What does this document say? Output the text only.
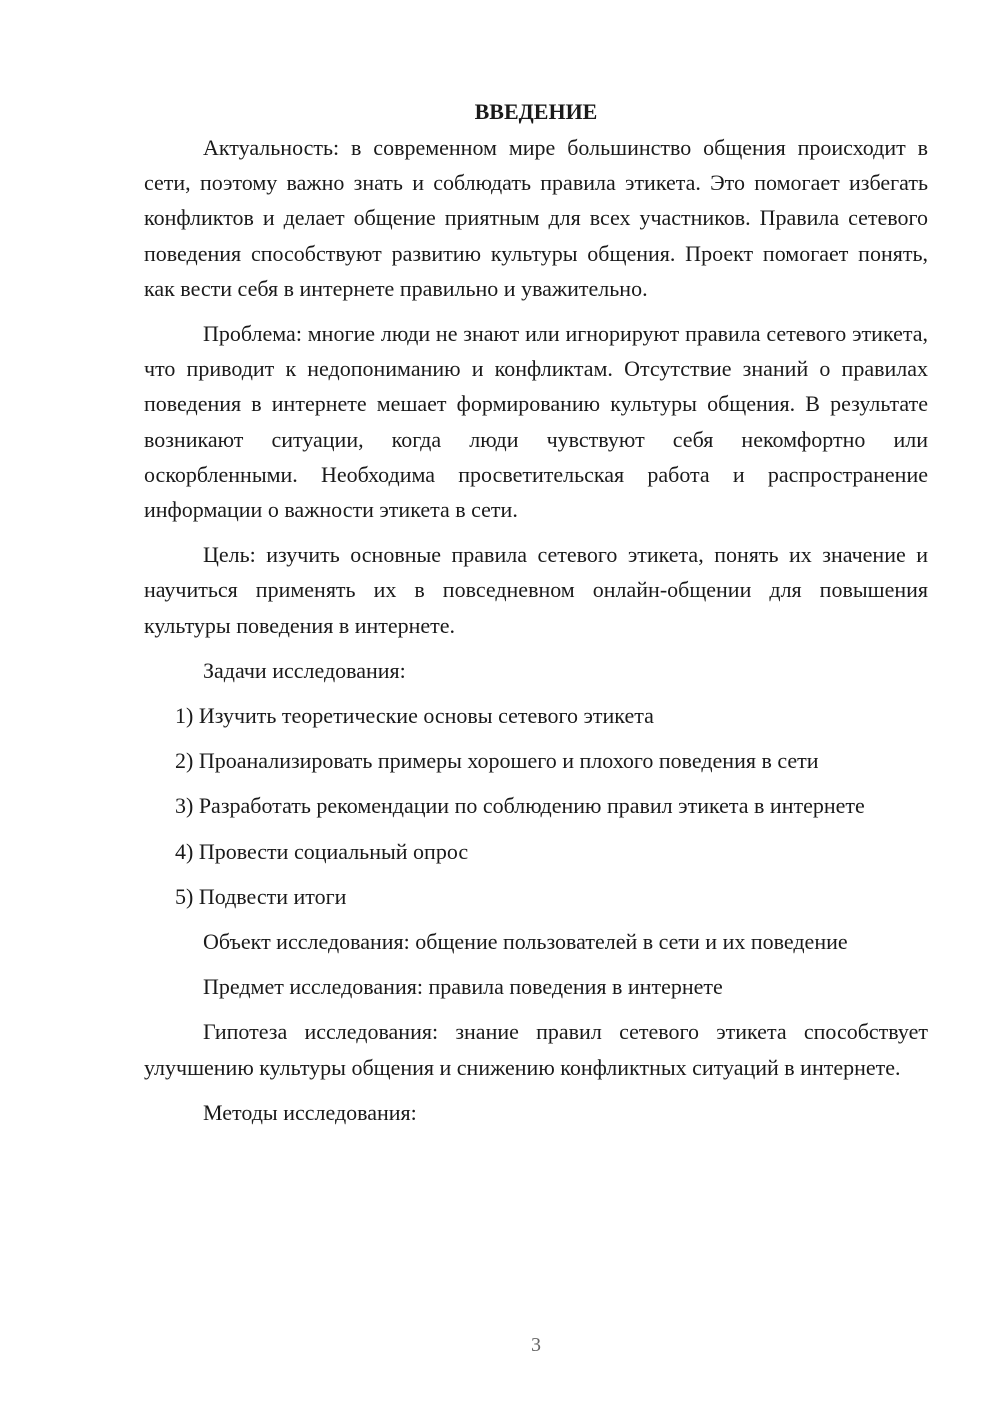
ВВЕДЕНИЕ

Актуальность: в современном мире большинство общения происходит в сети, поэтому важно знать и соблюдать правила этикета. Это помогает избегать конфликтов и делает общение приятным для всех участников. Правила сетевого поведения способствуют развитию культуры общения. Проект помогает понять, как вести себя в интернете правильно и уважительно.

Проблема: многие люди не знают или игнорируют правила сетевого этикета, что приводит к недопониманию и конфликтам. Отсутствие знаний о правилах поведения в интернете мешает формированию культуры общения. В результате возникают ситуации, когда люди чувствуют себя некомфортно или оскорбленными. Необходима просветительская работа и распространение информации о важности этикета в сети.

Цель: изучить основные правила сетевого этикета, понять их значение и научиться применять их в повседневном онлайн-общении для повышения культуры поведения в интернете.

Задачи исследования:

1) Изучить теоретические основы сетевого этикета

2) Проанализировать примеры хорошего и плохого поведения в сети

3) Разработать рекомендации по соблюдению правил этикета в интернете

4) Провести социальный опрос

5) Подвести итоги

Объект исследования: общение пользователей в сети и их поведение

Предмет исследования: правила поведения в интернете

Гипотеза исследования: знание правил сетевого этикета способствует улучшению культуры общения и снижению конфликтных ситуаций в интернете.

Методы исследования:

3
